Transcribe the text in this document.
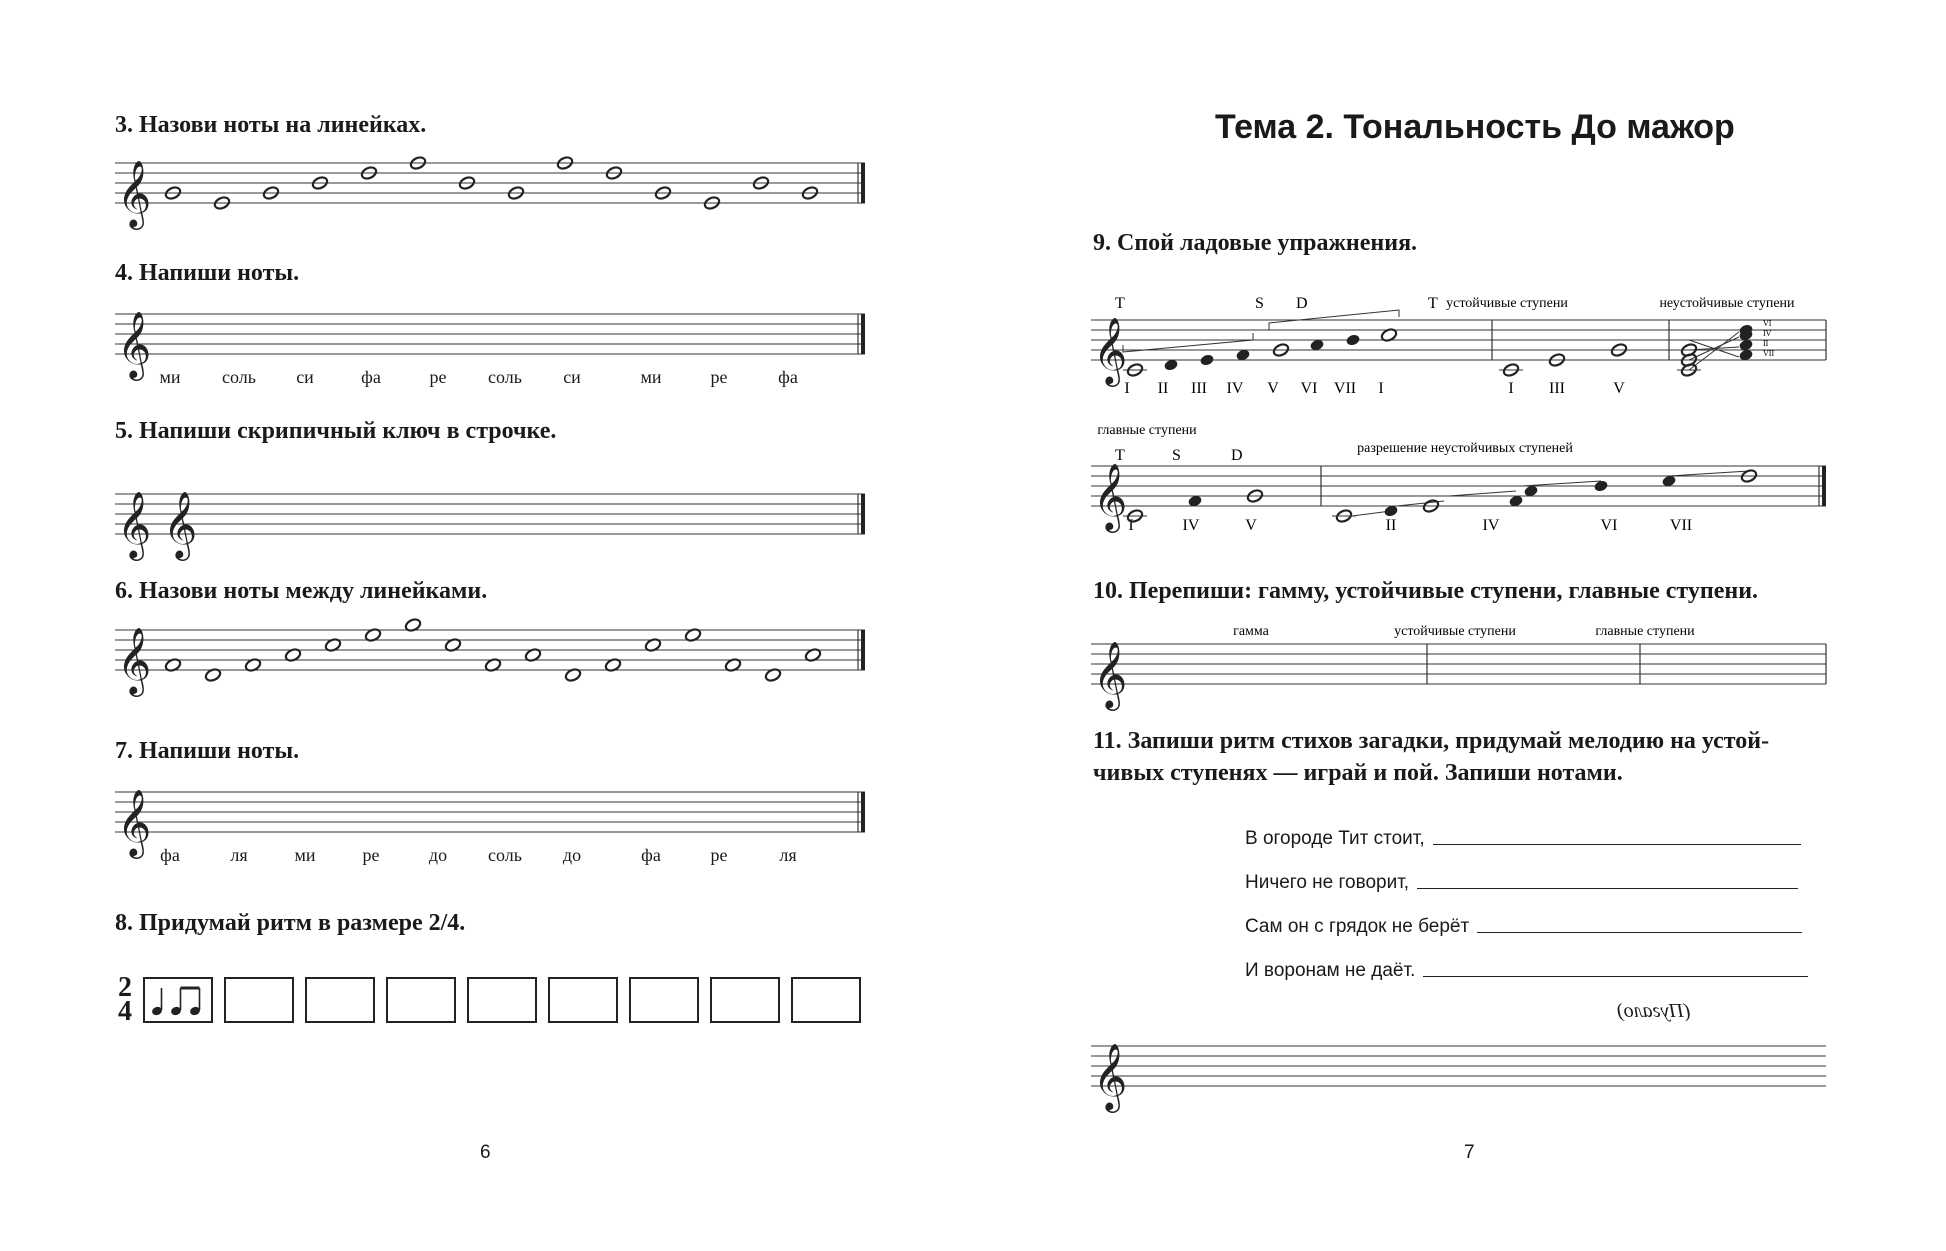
3. Назови ноты на линейках.
𝄞
4. Напиши ноты.
𝄞 ми соль си	фа	ре соль си	ми	ре	фа
5. Напиши скрипичный ключ в строчке.
𝄞 𝄞
6. Назови ноты между линейками.
𝄞
7. Напиши ноты.
𝄞 фа	ля	ми	ре	до соль до	фа	ре	ля
8. Придумай ритм в размере 2/4.
2
4
6
Тема 2. Тональность До мажор
9. Спой ладовые упражнения.
T	S D	T устойчивые ступени	неустойчивые ступени
VI
IV
II
VII
I II III IV V VI VII I	I III	V
𝄞
главные ступени
T	S	D	разрешение неустойчивых ступеней
I	IV	V	II	IV	VI	VII
𝄞
10. Перепиши: гамму, устойчивые ступени, главные ступени.
гамма	устойчивые ступени	главные ступени
𝄞
11. Запиши ритм стихов загадки, придумай мелодию на устой-
чивых ступенях — играй и пой. Запиши нотами.
В огороде Тит стоит,
Ничего не говорит,
Сам он с грядок не берёт
И воронам не даёт.
(Пугало)
𝄞
7
